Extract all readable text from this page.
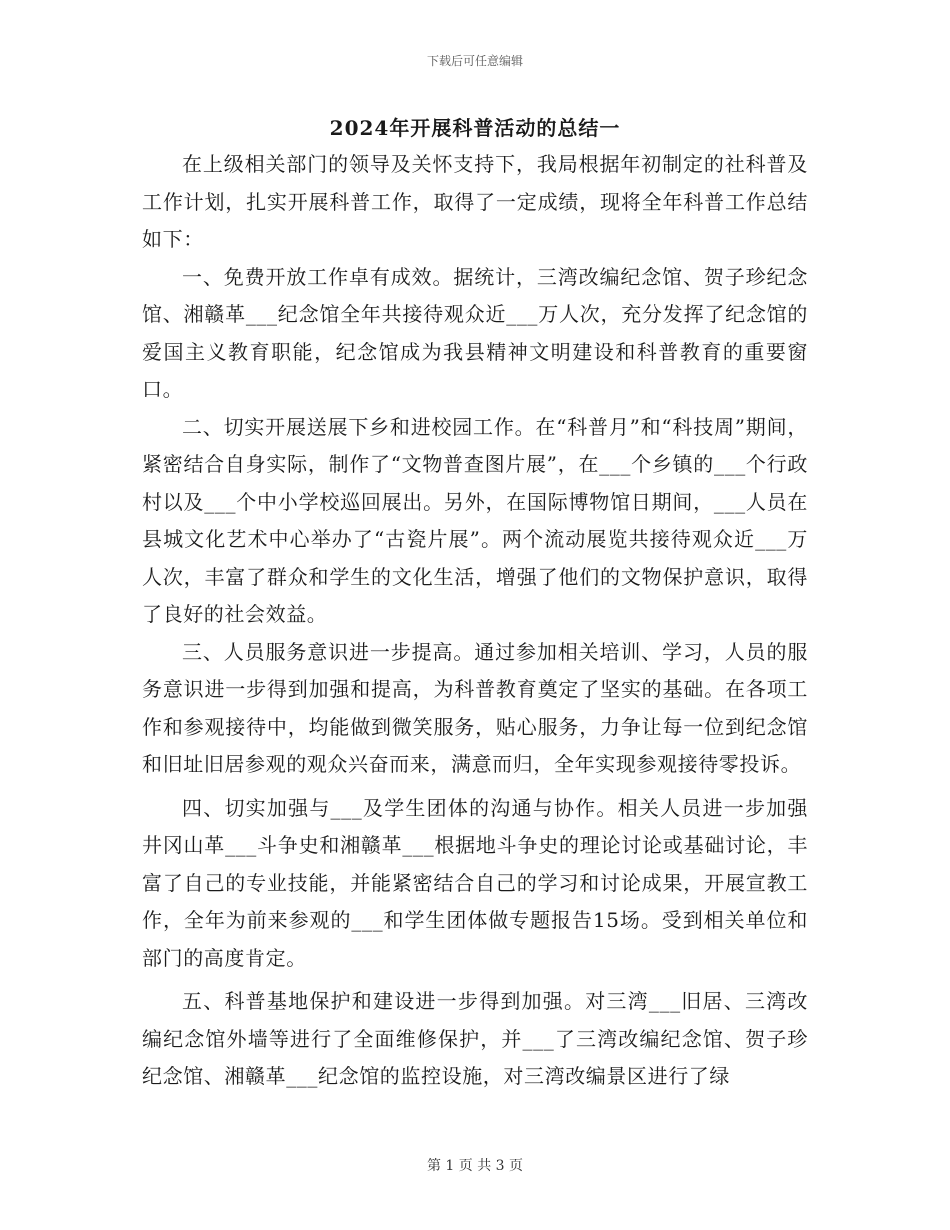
下载后可任意编辑
2024年开展科普活动的总结一

在上级相关部门的领导及关怀支持下，我局根据年初制定的社科普及工作计划，扎实开展科普工作，取得了一定成绩，现将全年科普工作总结如下：

一、免费开放工作卓有成效。据统计，三湾改编纪念馆、贺子珍纪念馆、湘赣革___纪念馆全年共接待观众近___万人次，充分发挥了纪念馆的爱国主义教育职能，纪念馆成为我县精神文明建设和科普教育的重要窗口。

二、切实开展送展下乡和进校园工作。在“科普月”和“科技周”期间，紧密结合自身实际，制作了“文物普查图片展”，在___个乡镇的___个行政村以及___个中小学校巡回展出。另外，在国际博物馆日期间，___人员在县城文化艺术中心举办了“古瓷片展”。两个流动展览共接待观众近___万人次，丰富了群众和学生的文化生活，增强了他们的文物保护意识，取得了良好的社会效益。

三、人员服务意识进一步提高。通过参加相关培训、学习，人员的服务意识进一步得到加强和提高，为科普教育奠定了坚实的基础。在各项工作和参观接待中，均能做到微笑服务，贴心服务，力争让每一位到纪念馆和旧址旧居参观的观众兴奋而来，满意而归，全年实现参观接待零投诉。

四、切实加强与___及学生团体的沟通与协作。相关人员进一步加强井冈山革___斗争史和湘赣革___根据地斗争史的理论讨论或基础讨论，丰富了自己的专业技能，并能紧密结合自己的学习和讨论成果，开展宣教工作，全年为前来参观的___和学生团体做专题报告15场。受到相关单位和部门的高度肯定。

五、科普基地保护和建设进一步得到加强。对三湾___旧居、三湾改编纪念馆外墙等进行了全面维修保护，并___了三湾改编纪念馆、贺子珍纪念馆、湘赣革___纪念馆的监控设施，对三湾改编景区进行了绿

第 1 页 共 3 页
